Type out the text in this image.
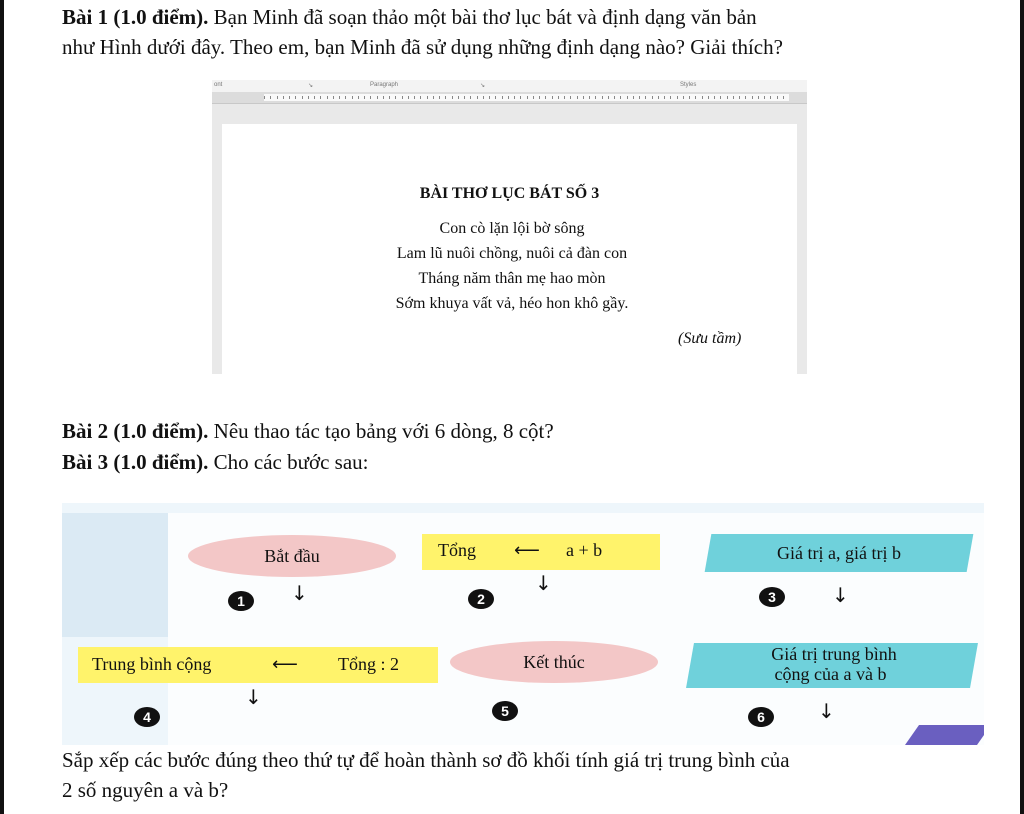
Bài 1 (1.0 điểm). Bạn Minh đã soạn thảo một bài thơ lục bát và định dạng văn bản
như Hình dưới đây. Theo em, bạn Minh đã sử dụng những định dạng nào? Giải thích?
ont	↘	Paragraph	↘	Styles
BÀI THƠ LỤC BÁT SỐ 3
Con cò lặn lội bờ sông
Lam lũ nuôi chồng, nuôi cả đàn con
Tháng năm thân mẹ hao mòn
Sớm khuya vất vả, héo hon khô gầy.
(Sưu tầm)
Bài 2 (1.0 điểm). Nêu thao tác tạo bảng với 6 dòng, 8 cột?
Bài 3 (1.0 điểm). Cho các bước sau:
Bắt đầu
↓
1
Tổng ⟵ a + b
↓
2
Giá trị a, giá trị b
↓
3
Trung bình cộng	⟵ Tổng : 2
↓
4
Kết thúc
5
Giá trị trung bình
cộng của a và b
↓
6
Sắp xếp các bước đúng theo thứ tự để hoàn thành sơ đồ khối tính giá trị trung bình của
2 số nguyên a và b?
